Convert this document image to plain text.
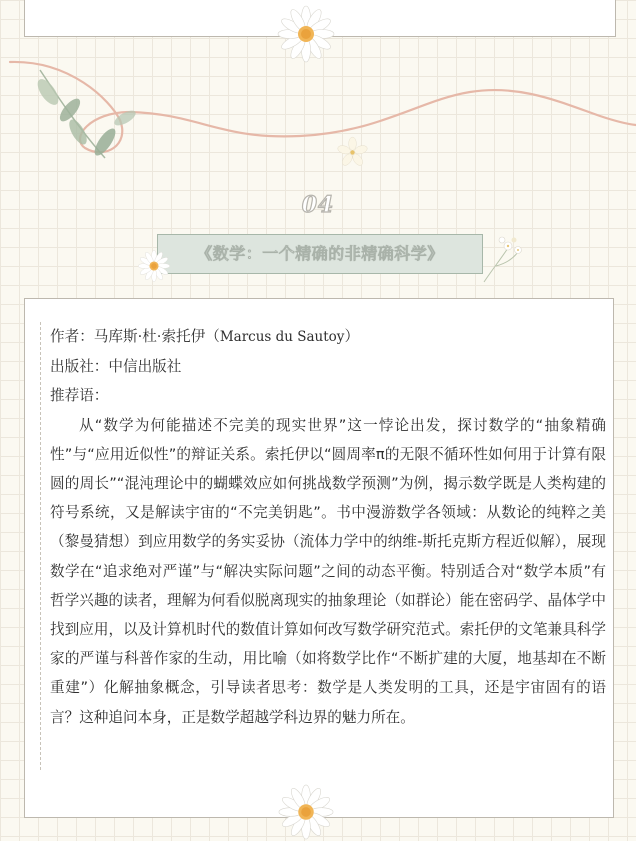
04
《数学：一个精确的非精确科学》

作者：马库斯·杜·索托伊（Marcus du Sautoy）

出版社：中信出版社

推荐语：

从“数学为何能描述不完美的现实世界”这一悖论出发，探讨数学的“抽象精确性”与“应用近似性”的辩证关系。索托伊以“圆周率π的无限不循环性如何用于计算有限圆的周长”“混沌理论中的蝴蝶效应如何挑战数学预测”为例，揭示数学既是人类构建的符号系统，又是解读宇宙的“不完美钥匙”。书中漫游数学各领域：从数论的纯粹之美（黎曼猜想）到应用数学的务实妥协（流体力学中的纳维-斯托克斯方程近似解），展现数学在“追求绝对严谨”与“解决实际问题”之间的动态平衡。特别适合对“数学本质”有哲学兴趣的读者，理解为何看似脱离现实的抽象理论（如群论）能在密码学、晶体学中找到应用，以及计算机时代的数值计算如何改写数学研究范式。索托伊的文笔兼具科学家的严谨与科普作家的生动，用比喻（如将数学比作“不断扩建的大厦，地基却在不断重建”）化解抽象概念，引导读者思考：数学是人类发明的工具，还是宇宙固有的语言？这种追问本身，正是数学超越学科边界的魅力所在。
